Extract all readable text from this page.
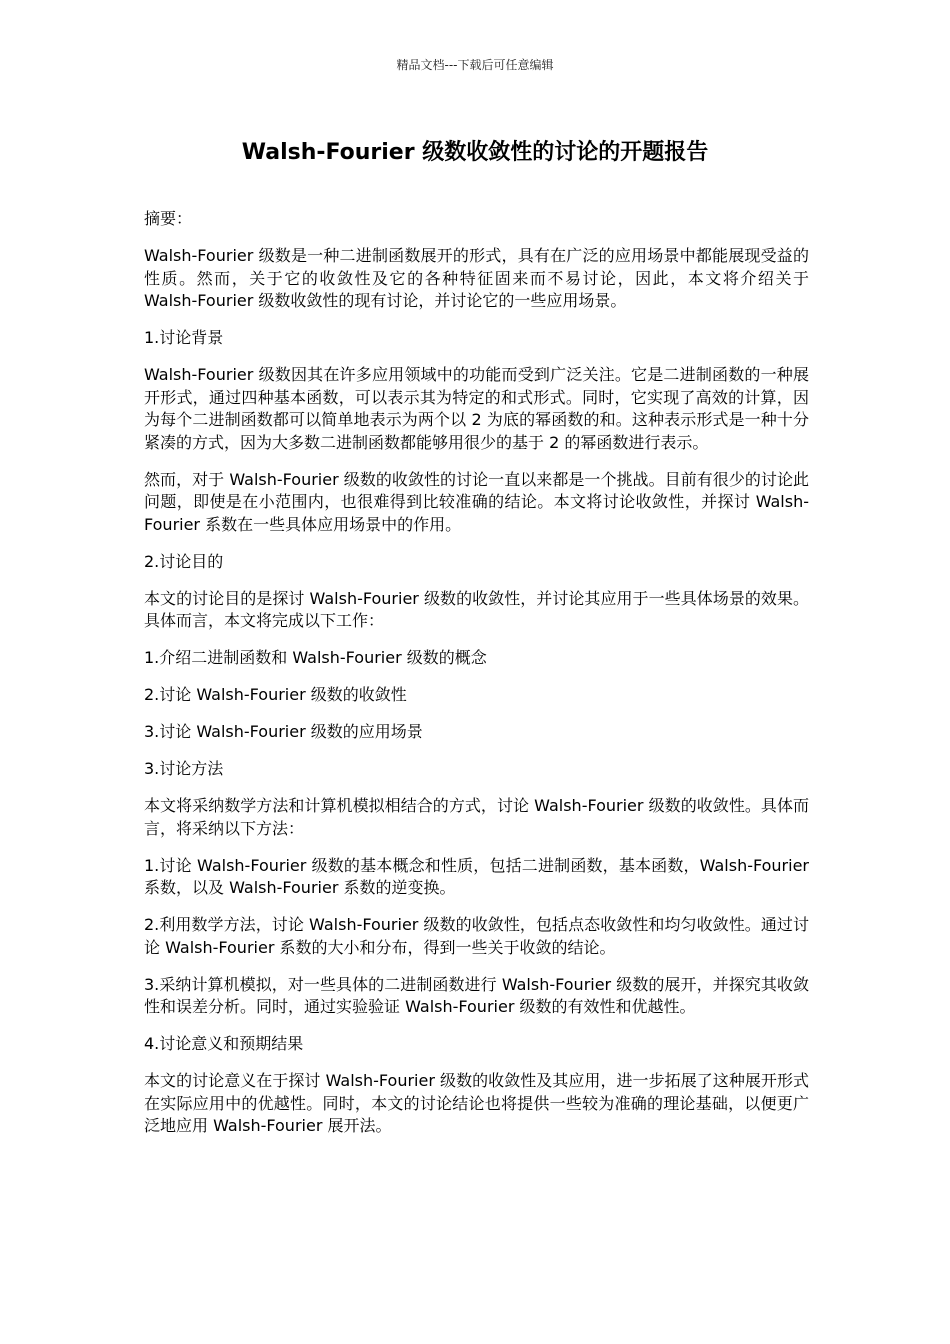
精品文档---下载后可任意编辑
Walsh-Fourier 级数收敛性的讨论的开题报告

摘要：

Walsh-Fourier 级数是一种二进制函数展开的形式，具有在广泛的应用场景中都能展现受益的性质。然而，关于它的收敛性及它的各种特征固来而不易讨论，因此，本文将介绍关于 Walsh-Fourier 级数收敛性的现有讨论，并讨论它的一些应用场景。

1.讨论背景

Walsh-Fourier 级数因其在许多应用领域中的功能而受到广泛关注。它是二进制函数的一种展开形式，通过四种基本函数，可以表示其为特定的和式形式。同时，它实现了高效的计算，因为每个二进制函数都可以简单地表示为两个以 2 为底的幂函数的和。这种表示形式是一种十分紧凑的方式，因为大多数二进制函数都能够用很少的基于 2 的幂函数进行表示。

然而，对于 Walsh-Fourier 级数的收敛性的讨论一直以来都是一个挑战。目前有很少的讨论此问题，即使是在小范围内，也很难得到比较准确的结论。本文将讨论收敛性，并探讨 Walsh-Fourier 系数在一些具体应用场景中的作用。

2.讨论目的

本文的讨论目的是探讨 Walsh-Fourier 级数的收敛性，并讨论其应用于一些具体场景的效果。具体而言，本文将完成以下工作：

1.介绍二进制函数和 Walsh-Fourier 级数的概念

2.讨论 Walsh-Fourier 级数的收敛性

3.讨论 Walsh-Fourier 级数的应用场景

3.讨论方法

本文将采纳数学方法和计算机模拟相结合的方式，讨论 Walsh-Fourier 级数的收敛性。具体而言，将采纳以下方法：

1.讨论 Walsh-Fourier 级数的基本概念和性质，包括二进制函数，基本函数，Walsh-Fourier 系数，以及 Walsh-Fourier 系数的逆变换。

2.利用数学方法，讨论 Walsh-Fourier 级数的收敛性，包括点态收敛性和均匀收敛性。通过讨论 Walsh-Fourier 系数的大小和分布，得到一些关于收敛的结论。

3.采纳计算机模拟，对一些具体的二进制函数进行 Walsh-Fourier 级数的展开，并探究其收敛性和误差分析。同时，通过实验验证 Walsh-Fourier 级数的有效性和优越性。

4.讨论意义和预期结果

本文的讨论意义在于探讨 Walsh-Fourier 级数的收敛性及其应用，进一步拓展了这种展开形式在实际应用中的优越性。同时，本文的讨论结论也将提供一些较为准确的理论基础，以便更广泛地应用 Walsh-Fourier 展开法。
